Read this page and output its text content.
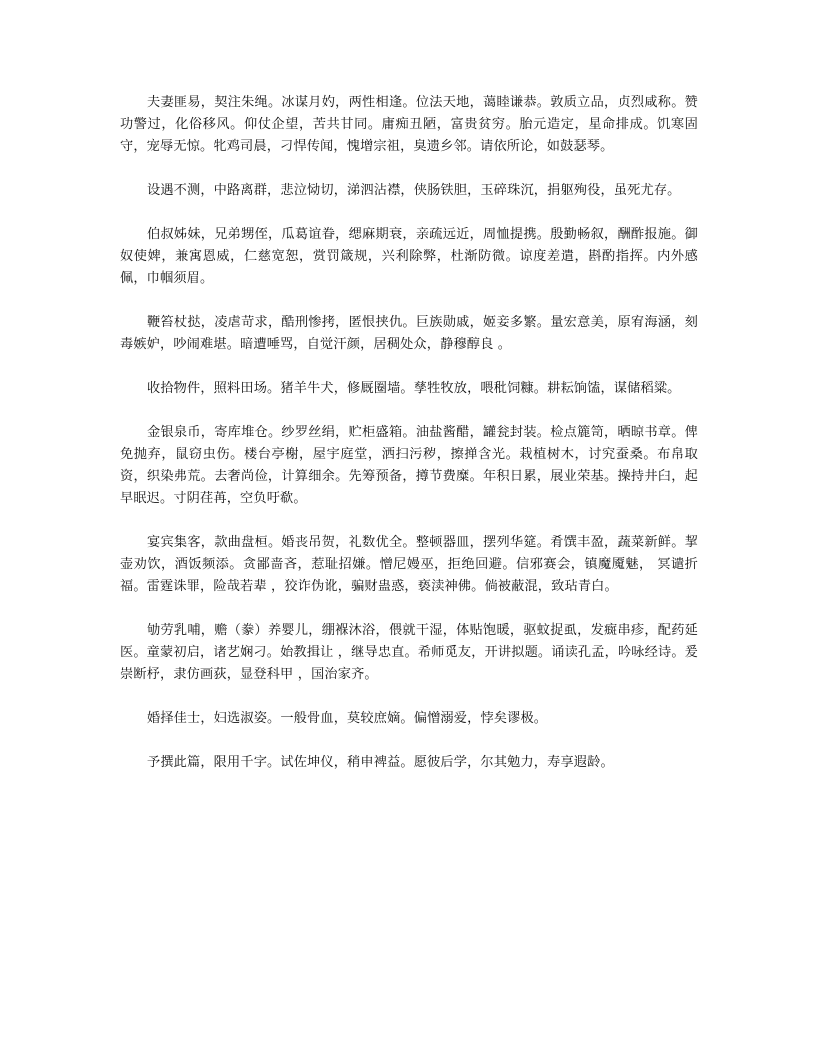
夫妻匪易，契注朱绳。冰谋月妁，两性相逢。位法天地，蔼睦谦恭。敦质立品，贞烈咸称。赞功警过，化俗移风。仰仗企望，苦共甘同。庸痴丑陋，富贵贫穷。胎元造定，星命排成。饥寒固守，宠辱无惊。牝鸡司晨，刁悍传闻，愧增宗祖，臭遗乡邻。请依所论，如鼓瑟琴。

设遇不测，中路离群，悲泣恸切，涕泗沾襟，侠肠铁胆，玉碎珠沉，捐躯殉役，虽死尤存。

伯叔姊妹，兄弟甥侄，瓜葛谊眷，缌麻期衰，亲疏远近，周恤提携。殷勤畅叙，酬酢报施。御奴使婢，兼寓恩威，仁慈宽恕，赏罚箴规，兴利除弊，杜渐防微。谅度差遣，斟酌指挥。内外感佩，巾帼须眉。

鞭笞杖挞，凌虐苛求，酷刑惨拷，匿恨挟仇。巨族勋戚，姬妾多繁。量宏意美，原宥海涵，刻毒嫉妒，吵闹难堪。暗遭唾骂，自觉汗颜，居稠处众，静穆醇良 。

收拾物件，照料田场。猪羊牛犬，修厩圈墙。孳牲牧放，喂秕饲糠。耕耘饷馌，谋储稻粱。

金银泉币，寄库堆仓。纱罗丝绢，贮柜盛箱。油盐酱醋，罐瓮封装。检点簏笥，晒晾书章。俾免抛弃，鼠窃虫伤。楼台亭榭，屋宇庭堂，洒扫污秽，擦掸含光。栽植树木，讨究蚕桑。布帛取资，织染弗荒。去奢尚俭，计算细余。先筹预备，撙节费糜。年积日累，展业荣基。操持井臼，起早眠迟。寸阴荏苒，空负吁欷。

宴宾集客，款曲盘桓。婚丧吊贺，礼数优全。整顿器皿，摆列华筵。肴馔丰盈，蔬菜新鲜。挈壶劝饮，酒饭频添。贪鄙啬吝，惹耻招嫌。憎尼嫚巫，拒绝回避。信邪赛会，镇魔魇魅， 冥谴折福。雷霆诛罪，险哉若辈 ，狡诈伪讹，骗财蛊惑，亵渎神佛。倘被蔽混，致玷青白。

劬劳乳哺，赡（豢）养婴儿，绷褓沐浴，偎就干湿，体贴饱暖，驱蚊捉虱，发癍串疹，配药延医。童蒙初启，诸艺娴刁。始教揖让 ，继导忠直。希师觅友，开讲拟题。诵读孔孟，吟咏经诗。爰崇断杼，隶仿画荻，显登科甲 ，国治家齐。

婚择佳士，妇选淑姿。一般骨血，莫较庶嫡。偏憎溺爱，悖矣谬极。

予撰此篇，限用千字。试佐坤仪，稍申裨益。愿彼后学，尔其勉力，寿享遐龄。
